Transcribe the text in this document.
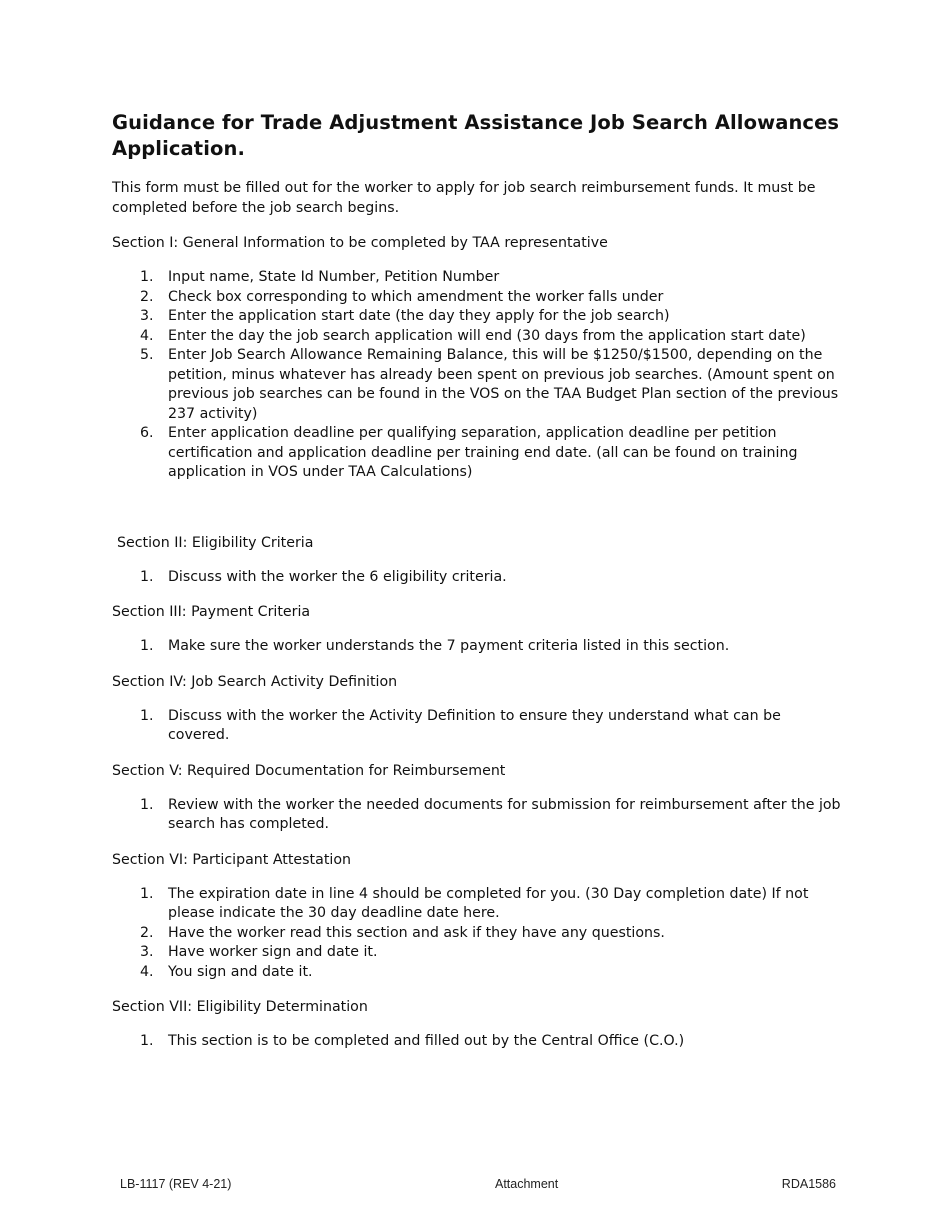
Guidance for Trade Adjustment Assistance Job Search Allowances Application.

This form must be filled out for the worker to apply for job search reimbursement funds. It must be completed before the job search begins.

Section I: General Information to be completed by TAA representative
1. Input name, State Id Number, Petition Number
2. Check box corresponding to which amendment the worker falls under
3. Enter the application start date (the day they apply for the job search)
4. Enter the day the job search application will end (30 days from the application start date)
5. Enter Job Search Allowance Remaining Balance, this will be $1250/$1500, depending on the petition, minus whatever has already been spent on previous job searches. (Amount spent on previous job searches can be found in the VOS on the TAA Budget Plan section of the previous 237 activity)
6. Enter application deadline per qualifying separation, application deadline per petition certification and application deadline per training end date. (all can be found on training application in VOS under TAA Calculations)
Section II: Eligibility Criteria
1. Discuss with the worker the 6 eligibility criteria.
Section III: Payment Criteria
1. Make sure the worker understands the 7 payment criteria listed in this section.
Section IV: Job Search Activity Definition
1. Discuss with the worker the Activity Definition to ensure they understand what can be covered.
Section V: Required Documentation for Reimbursement
1. Review with the worker the needed documents for submission for reimbursement after the job search has completed.
Section VI: Participant Attestation
1. The expiration date in line 4 should be completed for you. (30 Day completion date) If not please indicate the 30 day deadline date here.
2. Have the worker read this section and ask if they have any questions.
3. Have worker sign and date it.
4. You sign and date it.
Section VII: Eligibility Determination
1. This section is to be completed and filled out by the Central Office (C.O.)
LB-1117 (REV 4-21)	Attachment	RDA1586
